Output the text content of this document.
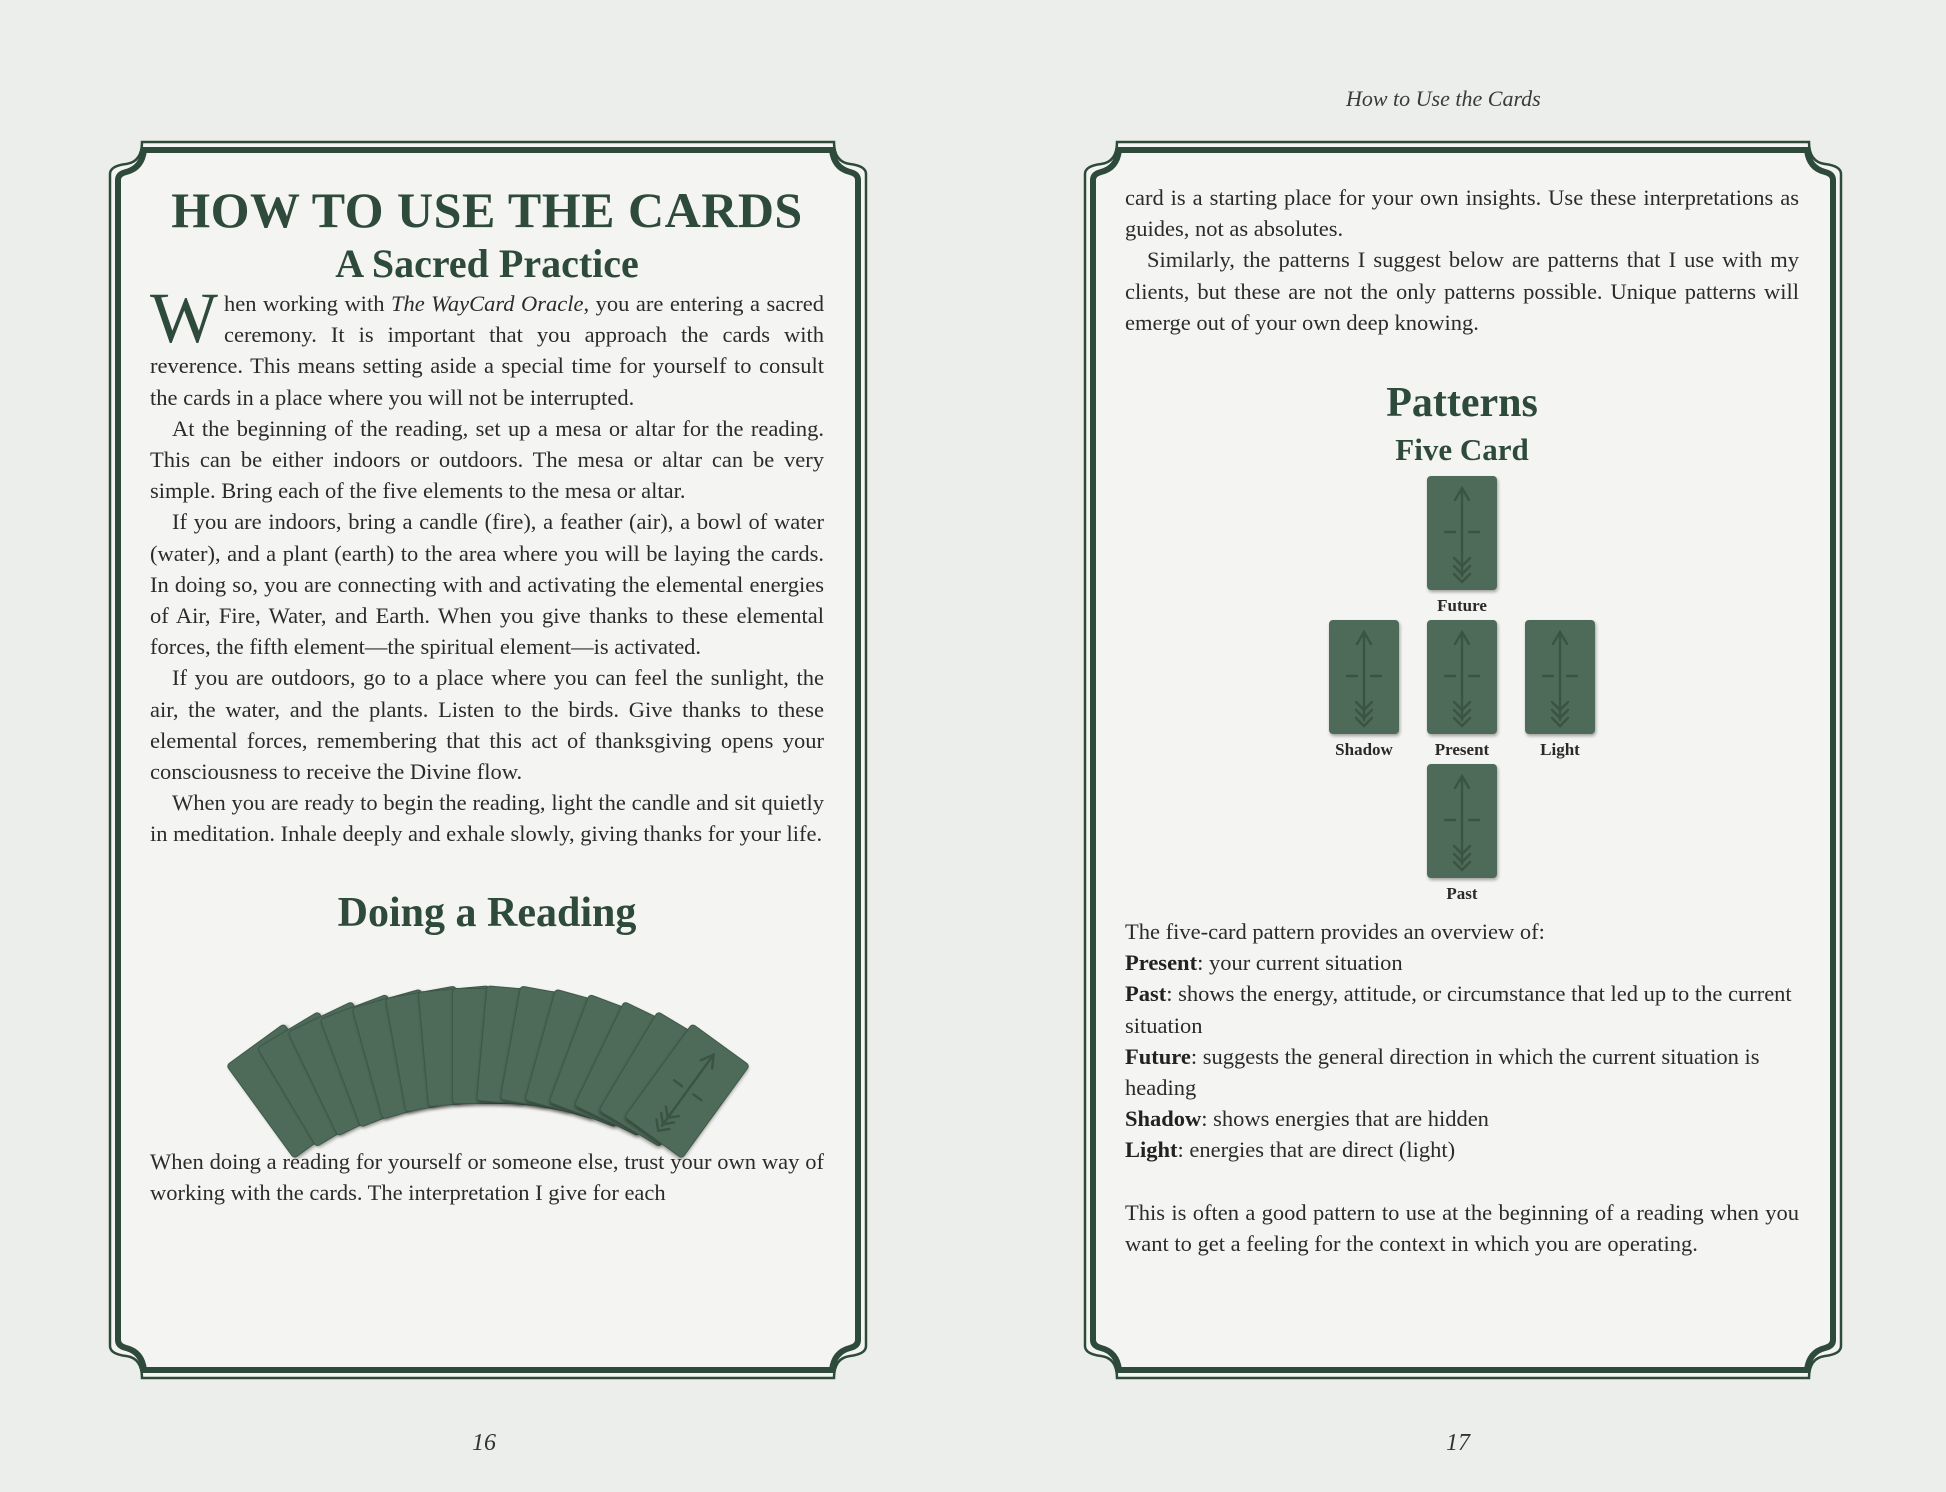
How to Use the Cards
HOW TO USE THE CARDS
A Sacred Practice

When working with The WayCard Oracle, you are entering a sacred ceremony. It is important that you approach the cards with reverence. This means setting aside a special time for yourself to consult the cards in a place where you will not be interrupted.

At the beginning of the reading, set up a mesa or altar for the reading. This can be either indoors or outdoors. The mesa or altar can be very simple. Bring each of the five elements to the mesa or altar.

If you are indoors, bring a candle (fire), a feather (air), a bowl of water (water), and a plant (earth) to the area where you will be laying the cards. In doing so, you are connecting with and activating the elemental energies of Air, Fire, Water, and Earth. When you give thanks to these elemental forces, the fifth element—the spiritual element—is activated.

If you are outdoors, go to a place where you can feel the sunlight, the air, the water, and the plants. Listen to the birds. Give thanks to these elemental forces, remembering that this act of thanksgiving opens your consciousness to receive the Divine flow.

When you are ready to begin the reading, light the candle and sit quietly in meditation. Inhale deeply and exhale slowly, giving thanks for your life.

Doing a Reading

When doing a reading for yourself or someone else, trust your own way of working with the cards. The interpretation I give for each

16

card is a starting place for your own insights. Use these interpretations as guides, not as absolutes.

Similarly, the patterns I suggest below are patterns that I use with my clients, but these are not the only patterns possible. Unique patterns will emerge out of your own deep knowing.

Patterns
Five Card
Future
Shadow	Present	Light
Past

The five-card pattern provides an overview of:

Present: your current situation

Past: shows the energy, attitude, or circumstance that led up to the current situation

Future: suggests the general direction in which the current situation is heading

Shadow: shows energies that are hidden

Light: energies that are direct (light)

This is often a good pattern to use at the beginning of a reading when you want to get a feeling for the context in which you are operating.

17
